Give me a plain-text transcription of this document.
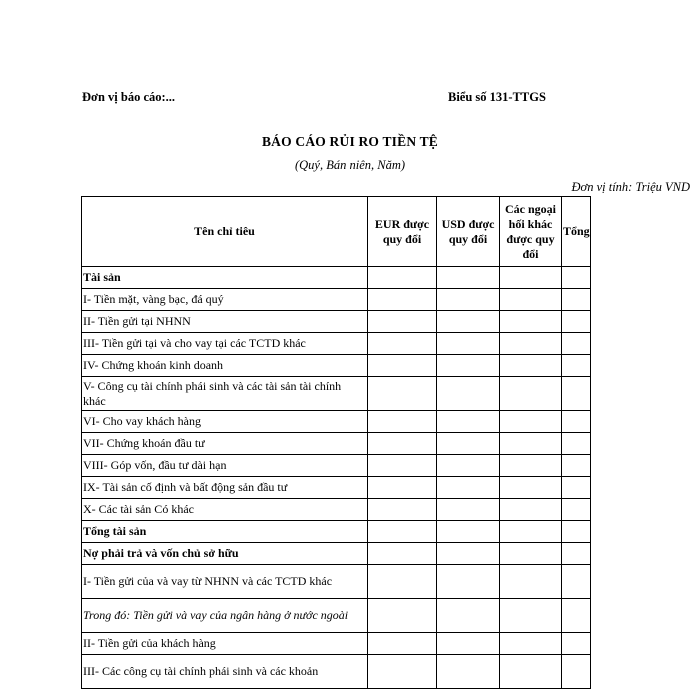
Đơn vị báo cáo:...	Biểu số 131-TTGS
BÁO CÁO RỦI RO TIỀN TỆ
(Quý, Bán niên, Năm)
Đơn vị tính: Triệu VND
Tên chỉ tiêu	EUR được quy đổi	USD được quy đổi	Các ngoại hối khác được quy đổi	Tổng
Tài sản				
I- Tiền mặt, vàng bạc, đá quý				
II- Tiền gửi tại NHNN				
III- Tiền gửi tại và cho vay tại các TCTD khác				
IV- Chứng khoán kinh doanh				
V- Công cụ tài chính phái sinh và các tài sản tài chính khác				
VI- Cho vay khách hàng				
VII- Chứng khoán đầu tư				
VIII- Góp vốn, đầu tư dài hạn				
IX- Tài sản cố định và bất động sản đầu tư				
X- Các tài sản Có khác				
Tổng tài sản				
Nợ phải trả và vốn chủ sở hữu				
I- Tiền gửi của và vay từ NHNN và các TCTD khác				
Trong đó: Tiền gửi và vay của ngân hàng ở nước ngoài				
II- Tiền gửi của khách hàng				
III- Các công cụ tài chính phái sinh và các khoản				
